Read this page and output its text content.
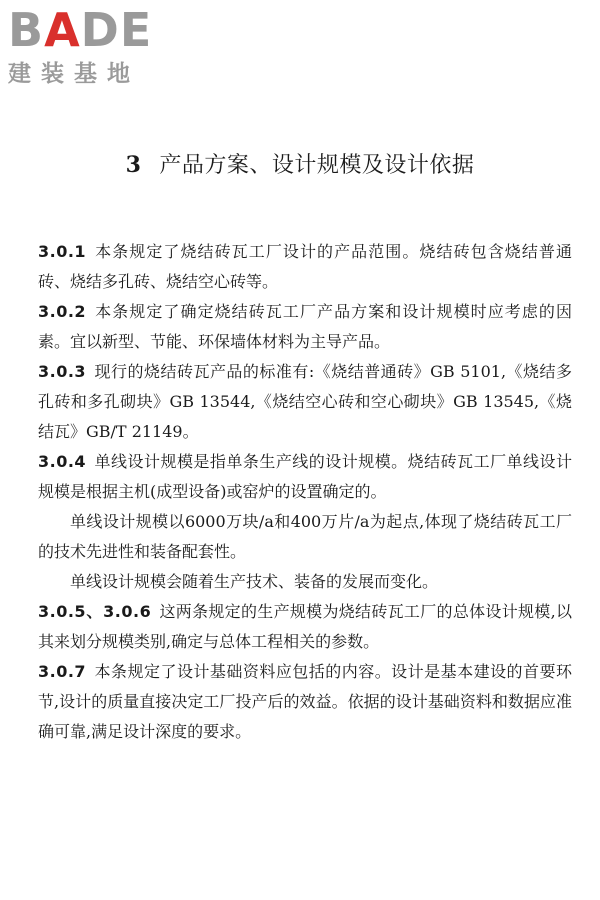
BADE
建装基地
3 产品方案、设计规模及设计依据

3.0.1 本条规定了烧结砖瓦工厂设计的产品范围。烧结砖包含烧结普通砖、烧结多孔砖、烧结空心砖等。

3.0.2 本条规定了确定烧结砖瓦工厂产品方案和设计规模时应考虑的因素。宜以新型、节能、环保墙体材料为主导产品。

3.0.3 现行的烧结砖瓦产品的标准有:《烧结普通砖》GB 5101,《烧结多孔砖和多孔砌块》GB 13544,《烧结空心砖和空心砌块》GB 13545,《烧结瓦》GB/T 21149。

3.0.4 单线设计规模是指单条生产线的设计规模。烧结砖瓦工厂单线设计规模是根据主机(成型设备)或窑炉的设置确定的。

单线设计规模以6000万块/a和400万片/a为起点,体现了烧结砖瓦工厂的技术先进性和装备配套性。

单线设计规模会随着生产技术、装备的发展而变化。

3.0.5、3.0.6 这两条规定的生产规模为烧结砖瓦工厂的总体设计规模,以其来划分规模类别,确定与总体工程相关的参数。

3.0.7 本条规定了设计基础资料应包括的内容。设计是基本建设的首要环节,设计的质量直接决定工厂投产后的效益。依据的设计基础资料和数据应准确可靠,满足设计深度的要求。
